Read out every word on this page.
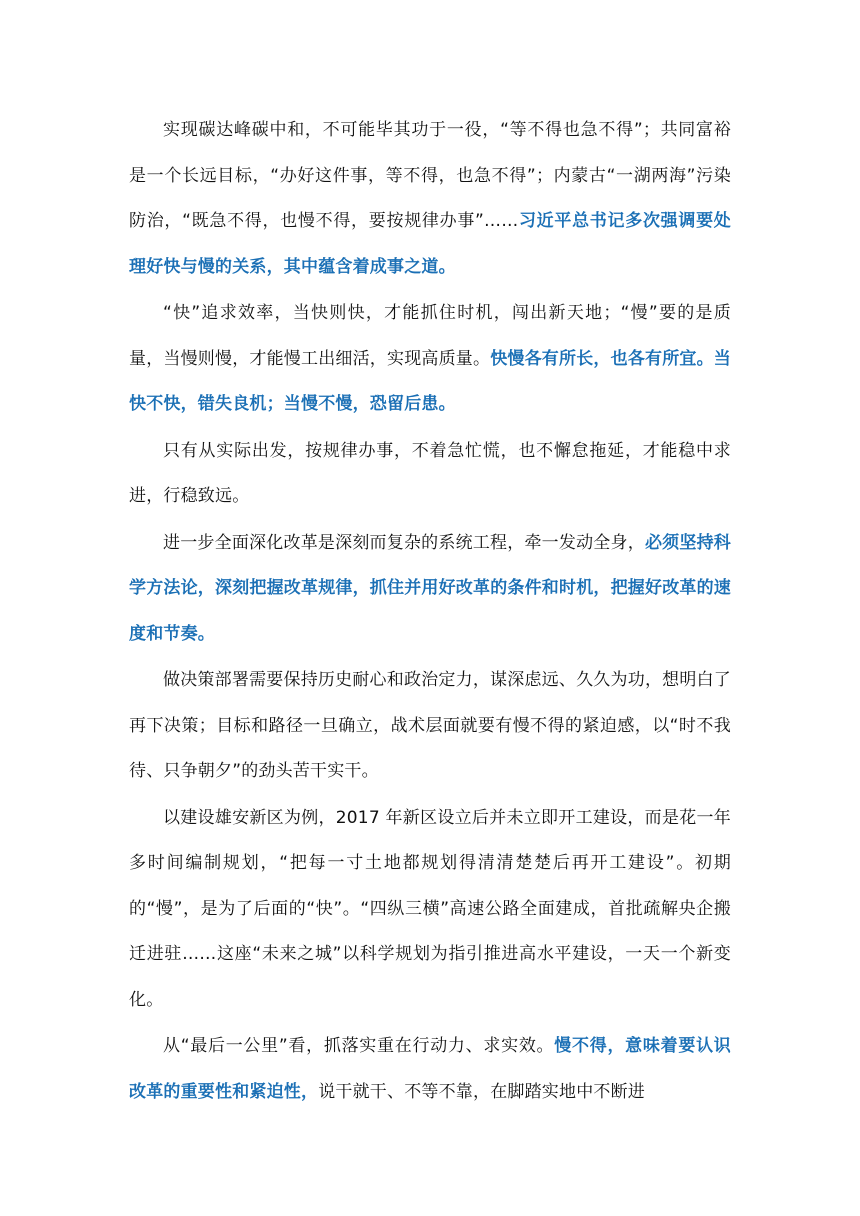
实现碳达峰碳中和，不可能毕其功于一役，“等不得也急不得”；共同富裕是一个长远目标，“办好这件事，等不得，也急不得”；内蒙古“一湖两海”污染防治，“既急不得，也慢不得，要按规律办事”……习近平总书记多次强调要处理好快与慢的关系，其中蕴含着成事之道。

“快”追求效率，当快则快，才能抓住时机，闯出新天地；“慢”要的是质量，当慢则慢，才能慢工出细活，实现高质量。快慢各有所长，也各有所宜。当快不快，错失良机；当慢不慢，恐留后患。

只有从实际出发，按规律办事，不着急忙慌，也不懈怠拖延，才能稳中求进，行稳致远。

进一步全面深化改革是深刻而复杂的系统工程，牵一发动全身，必须坚持科学方法论，深刻把握改革规律，抓住并用好改革的条件和时机，把握好改革的速度和节奏。

做决策部署需要保持历史耐心和政治定力，谋深虑远、久久为功，想明白了再下决策；目标和路径一旦确立，战术层面就要有慢不得的紧迫感，以“时不我待、只争朝夕”的劲头苦干实干。

以建设雄安新区为例，2017 年新区设立后并未立即开工建设，而是花一年多时间编制规划，“把每一寸土地都规划得清清楚楚后再开工建设”。初期的“慢”，是为了后面的“快”。“四纵三横”高速公路全面建成，首批疏解央企搬迁进驻……这座“未来之城”以科学规划为指引推进高水平建设，一天一个新变化。

从“最后一公里”看，抓落实重在行动力、求实效。慢不得，意味着要认识改革的重要性和紧迫性，说干就干、不等不靠，在脚踏实地中不断进
